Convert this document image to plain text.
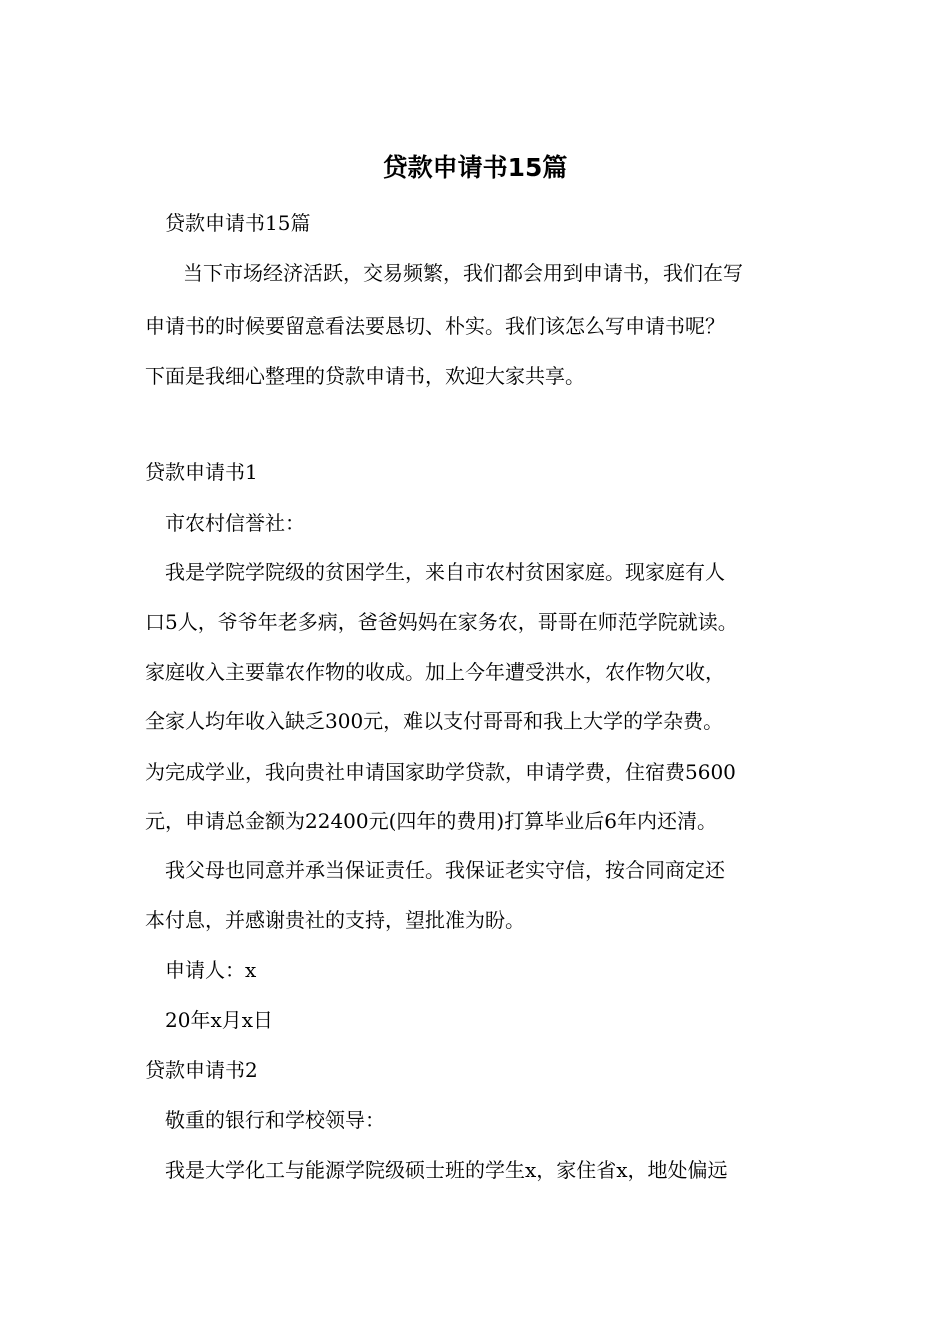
贷款申请书15篇
贷款申请书15篇
当下市场经济活跃，交易频繁，我们都会用到申请书，我们在写
申请书的时候要留意看法要恳切、朴实。我们该怎么写申请书呢？
下面是我细心整理的贷款申请书，欢迎大家共享。
贷款申请书1
市农村信誉社：
我是学院学院级的贫困学生，来自市农村贫困家庭。现家庭有人
口5人，爷爷年老多病，爸爸妈妈在家务农，哥哥在师范学院就读。
家庭收入主要靠农作物的收成。加上今年遭受洪水，农作物欠收，
全家人均年收入缺乏300元，难以支付哥哥和我上大学的学杂费。
为完成学业，我向贵社申请国家助学贷款，申请学费，住宿费5600
元，申请总金额为22400元(四年的费用)打算毕业后6年内还清。
我父母也同意并承当保证责任。我保证老实守信，按合同商定还
本付息，并感谢贵社的支持，望批准为盼。
申请人：x
20年x月x日
贷款申请书2
敬重的银行和学校领导：
我是大学化工与能源学院级硕士班的学生x，家住省x，地处偏远
